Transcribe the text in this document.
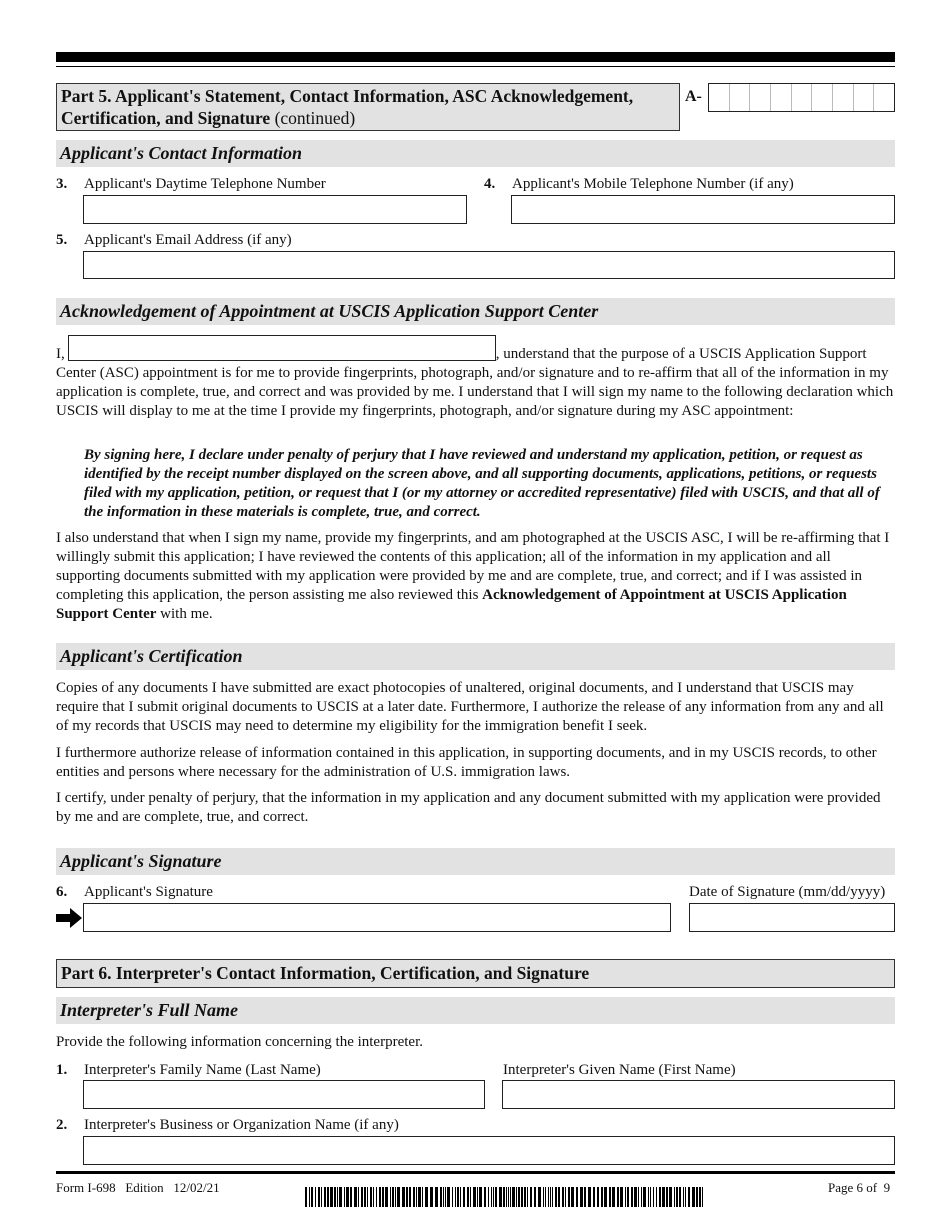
Part 5. Applicant's Statement, Contact Information, ASC Acknowledgement, Certification, and Signature (continued)
A-
Applicant's Contact Information
3. Applicant's Daytime Telephone Number	4. Applicant's Mobile Telephone Number (if any)
5. Applicant's Email Address (if any)
Acknowledgement of Appointment at USCIS Application Support Center

I,	, understand that the purpose of a USCIS Application Support Center (ASC) appointment is for me to provide fingerprints, photograph, and/or signature and to re-affirm that all of the information in my application is complete, true, and correct and was provided by me. I understand that I will sign my name to the following declaration which USCIS will display to me at the time I provide my fingerprints, photograph, and/or signature during my ASC appointment:

By signing here, I declare under penalty of perjury that I have reviewed and understand my application, petition, or request as identified by the receipt number displayed on the screen above, and all supporting documents, applications, petitions, or requests filed with my application, petition, or request that I (or my attorney or accredited representative) filed with USCIS, and that all of the information in these materials is complete, true, and correct.

I also understand that when I sign my name, provide my fingerprints, and am photographed at the USCIS ASC, I will be re-affirming that I willingly submit this application; I have reviewed the contents of this application; all of the information in my application and all supporting documents submitted with my application were provided by me and are complete, true, and correct; and if I was assisted in completing this application, the person assisting me also reviewed this Acknowledgement of Appointment at USCIS Application Support Center with me.

Applicant's Certification
Copies of any documents I have submitted are exact photocopies of unaltered, original documents, and I understand that USCIS may require that I submit original documents to USCIS at a later date. Furthermore, I authorize the release of any information from any and all of my records that USCIS may need to determine my eligibility for the immigration benefit I seek.
I furthermore authorize release of information contained in this application, in supporting documents, and in my USCIS records, to other entities and persons where necessary for the administration of U.S. immigration laws.
I certify, under penalty of perjury, that the information in my application and any document submitted with my application were provided by me and are complete, true, and correct.
Applicant's Signature
6. Applicant's Signature	Date of Signature (mm/dd/yyyy)
Part 6. Interpreter's Contact Information, Certification, and Signature
Interpreter's Full Name
Provide the following information concerning the interpreter.
1. Interpreter's Family Name (Last Name)	Interpreter's Given Name (First Name)
2. Interpreter's Business or Organization Name (if any)
Form I-698   Edition   12/02/21	Page 6 of  9
